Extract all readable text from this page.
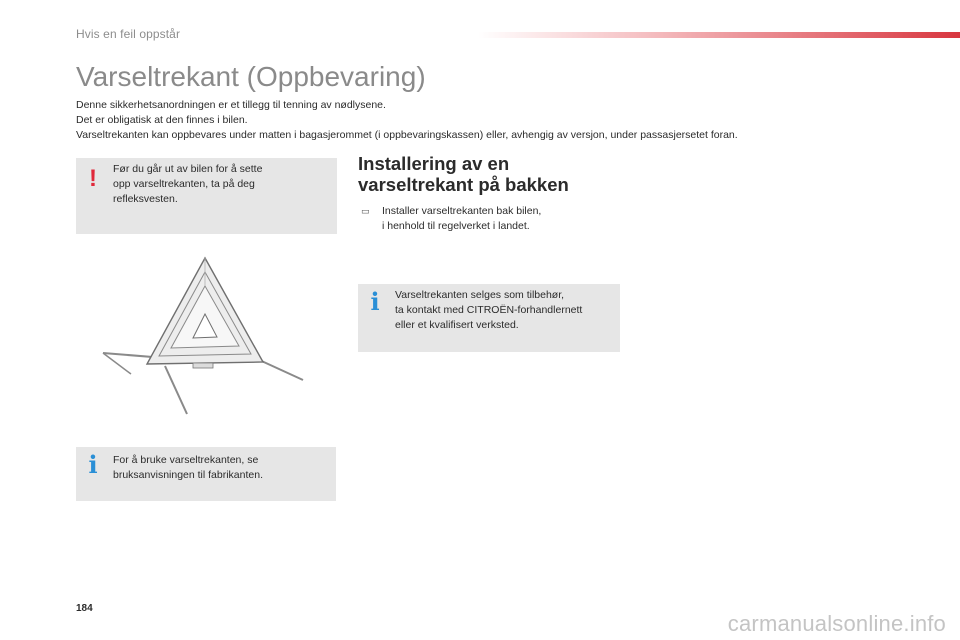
Hvis en feil oppstår
Varseltrekant (Oppbevaring)

Denne sikkerhetsanordningen er et tillegg til tenning av nødlysene.

Det er obligatisk at den finnes i bilen.

Varseltrekanten kan oppbevares under matten i bagasjerommet (i oppbevaringskassen) eller, avhengig av versjon, under passasjersetet foran.

! Før du går ut av bilen for å sette
opp varseltrekanten, ta på deg
refleksvesten.
i For å bruke varseltrekanten, se
bruksanvisningen til fabrikanten.
Installering av en
varseltrekant på bakken
▭ Installer varseltrekanten bak bilen,
i henhold til regelverket i landet.
i Varseltrekanten selges som tilbehør,
ta kontakt med CITROËN-forhandlernett
eller et kvalifisert verksted.
184
carmanualsonline.info
